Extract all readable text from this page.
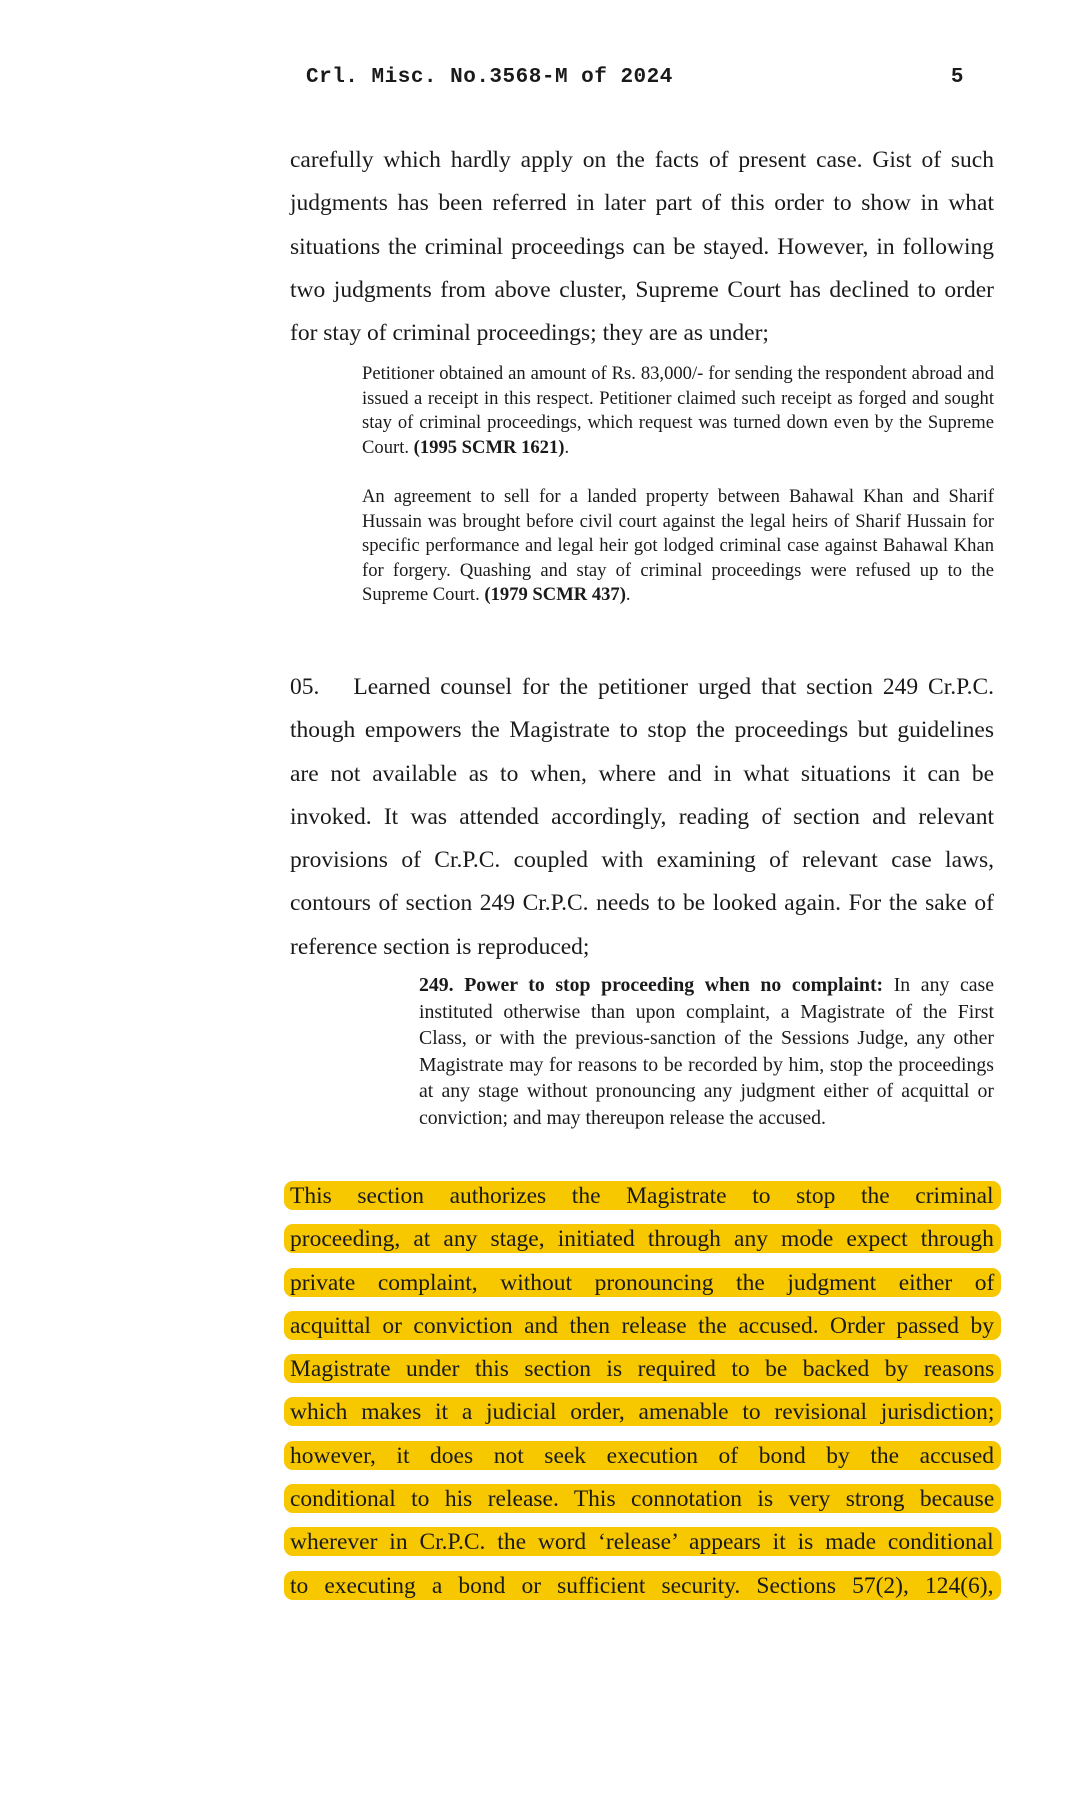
Crl. Misc. No.3568-M of 2024	5
carefully which hardly apply on the facts of present case. Gist of such judgments has been referred in later part of this order to show in what situations the criminal proceedings can be stayed. However, in following two judgments from above cluster, Supreme Court has declined to order for stay of criminal proceedings; they are as under;
Petitioner obtained an amount of Rs. 83,000/- for sending the respondent abroad and issued a receipt in this respect. Petitioner claimed such receipt as forged and sought stay of criminal proceedings, which request was turned down even by the Supreme Court. (1995 SCMR 1621).
An agreement to sell for a landed property between Bahawal Khan and Sharif Hussain was brought before civil court against the legal heirs of Sharif Hussain for specific performance and legal heir got lodged criminal case against Bahawal Khan for forgery. Quashing and stay of criminal proceedings were refused up to the Supreme Court. (1979 SCMR 437).
05. Learned counsel for the petitioner urged that section 249 Cr.P.C. though empowers the Magistrate to stop the proceedings but guidelines are not available as to when, where and in what situations it can be invoked. It was attended accordingly, reading of section and relevant provisions of Cr.P.C. coupled with examining of relevant case laws, contours of section 249 Cr.P.C. needs to be looked again. For the sake of reference section is reproduced;
249. Power to stop proceeding when no complaint: In any case instituted otherwise than upon complaint, a Magistrate of the First Class, or with the previous-sanction of the Sessions Judge, any other Magistrate may for reasons to be recorded by him, stop the proceedings at any stage without pronouncing any judgment either of acquittal or conviction; and may thereupon release the accused.
This section authorizes the Magistrate to stop the criminal
proceeding, at any stage, initiated through any mode expect through
private complaint, without pronouncing the judgment either of
acquittal or conviction and then release the accused. Order passed by
Magistrate under this section is required to be backed by reasons
which makes it a judicial order, amenable to revisional jurisdiction;
however, it does not seek execution of bond by the accused
conditional to his release. This connotation is very strong because
wherever in Cr.P.C. the word ‘release’ appears it is made conditional
to executing a bond or sufficient security. Sections 57(2), 124(6),
